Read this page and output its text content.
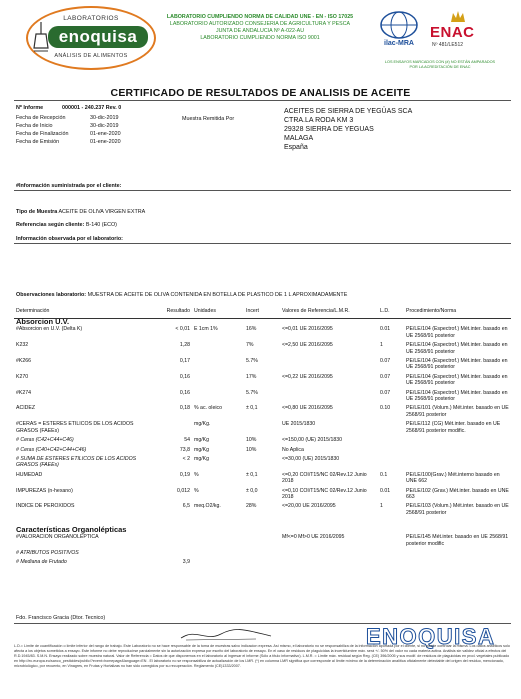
LABORATORIOS
enoquisa
ANÁLISIS DE ALIMENTOS
LABORATORIO CUMPLIENDO NORMA DE CALIDAD UNE - EN - ISO 17025
LABORATORIO AUTORIZADO CONSEJERIA DE AGRICULTURA Y PESCA
JUNTA DE ANDALUCIA Nº A-022-AU
LABORATORIO CUMPLIENDO NORMA ISO 9001
ilac-MRA
ENAC
Nº 481/LE512
LOS ENSAYOS MARCADOS CON (#) NO ESTÁN AMPARADOS POR LA ACREDITACIÓN DE ENAC
CERTIFICADO DE RESULTADOS DE ANALISIS DE ACEITE
Nº Informe	000001 - 240.237 Rev. 0
Fecha de Recepción	30-dic-2019
Fecha de Inicio	30-dic-2019
Fecha de Finalización	01-ene-2020
Fecha de Emisión	01-ene-2020
Muestra Remitida Por
ACEITES DE SIERRA DE YEGÜAS SCA
CTRA.LA RODA KM 3
29328 SIERRA DE YEGUAS
MALAGA
España
#Información suministrada por el cliente:
Tipo de Muestra ACEITE DE OLIVA VIRGEN EXTRA
Referencias según cliente: B-140 (ECO)
Información observada por el laboratorio:
Observaciones laboratorio: MUESTRA DE ACEITE DE OLIVA CONTENIDA EN BOTELLA DE PLASTICO DE 1 L APROXIMADAMENTE
Determinación	Resultado	Unidades	Incert	Valores de Referencia/L.M.R.	L.D.	Procedimiento/Norma
Absorcion U.V.						
#Absorcion en U.V. (Delta K)	< 0,01	E 1cm 1%	16%	<=0,01 UE 2016/2095	0.01	PE/LE/104 (Espectrof.) Mét.inter. basado en UE 2568/91 posterior
K232	1,28		7%	<=2,50 UE 2016/2095	1	PE/LE/104 (Espectrof.) Mét.inter. basado en UE 2568/91 posterior
#K266	0,17		5.7%		0.07	PE/LE/104 (Espectrof.) Mét.inter. basado en UE 2568/91 posterior
K270	0,16		17%	<=0,22 UE 2016/2095	0.07	PE/LE/104 (Espectrof.) Mét.inter. basado en UE 2568/91 posterior
#K274	0,16		5.7%		0.07	PE/LE/104 (Espectrof.) Mét.inter. basado en UE 2568/91 posterior
ACIDEZ	0,18	% ac. oleico	± 0,1	<=0,80 UE 2016/2095	0.10	PE/LE/101 (Volum.) Mét.inter. basado en UE 2568/91 posterior
#CERAS = ESTERES ETILICOS DE LOS ACIDOS GRASOS (FAEEs)		mg/Kg.		UE 2015/1830		PE/LE/112 (CG) Mét.inter. basado en UE 2568/91 posterior modific.
# Ceras (C42+C44+C46)	54	mg/Kg	10%	<=150,00 (UE) 2015/1830		
# Ceras (C40+C42+C44+C46)	73,8	mg/Kg	10%	No Aplica		
# SUMA DE ESTERES ETILICOS DE LOS ACIDOS GRASOS (FAEEs)	< 2	mg/Kg		<=30,00 (UE) 2015/1830		
HUMEDAD	0,19	%	± 0,1	<=0,20 COI/T15/NC 02/Rev.12 Junio 2018	0.1	PE/LE/100(Grav.) Mét.interno basado en UNE 662
IMPUREZAS (n-hexano)	0,012	%	± 0,0	<=0,10 COI/T15/NC 02/Rev.12 Junio 2018	0.01	PE/LE/102 (Grav.) Mét.inter. basado en UNE 663
INDICE DE PEROXIDOS	6,5	meq.O2/kg.	28%	<=20,00 UE 2016/2095	1	PE/LE/103 (Volum.) Mét.inter. basado en UE 2568/91 posterior
Características Organolépticas						
#VALORACION ORGANOLEPTICA				Mf<=0 Mf>0 UE 2016/2095		PE/LE/145 Mét.inter. basado en UE 2568/91 posterior modific
# ATRIBUTOS POSITIVOS						
# Mediana de Frutado	3,9					
Fdo. Francisco Gracia (Dtor. Tecnico)
ENOQUISA
L.D.= Límite de cuantificación o límite inferior del rango de trabajo. Este Laboratorio no se hace responsable de la toma de muestras salvo indicacion expresa. Así mismo, el laboratorio no se responsabiliza de la información aportada por el cliente, si no puede controlar la misma. Los datos analíticos solo afecta a los objetos sometidos a ensayo. Este informe no debe reproducirse parcialmente sin la autorización expresa por escrito del laboratorio de ensayo. En el caso de residuos de plaguicidas la incertidumbre máx. será +/- 50% del valor no cada materia activa. Análisis sin validez oficial a efectos del R.D.1945/83. S.M.N. Ensayo realizado sobre muestra natural. Valor de Referencia = Datos de que disponemos en el laboratorio al ingresar el informe (Sólo a título informativo). L.M.R. = Límite máx. residual según Reg. (CE) 396/2005 y sus modif. de residuos de plaguicidas en prod. vegetales publicado en http://ec.europa.eu/sanco_pesticides/public/?event=homepage&language=EN . El laboratorio no se responsabiliza de actualización de los LMR. (*) en columna LMR significa que corresponde al límite mínimo de la determinación analítica oficialmente detectable del origen del residuo, mencionado, microbiológico, por recuento, en Vinagres, en Frutas y Hortalizas no han sido corregidos por su recuperación. Reglamento (CE)1333/2007.
